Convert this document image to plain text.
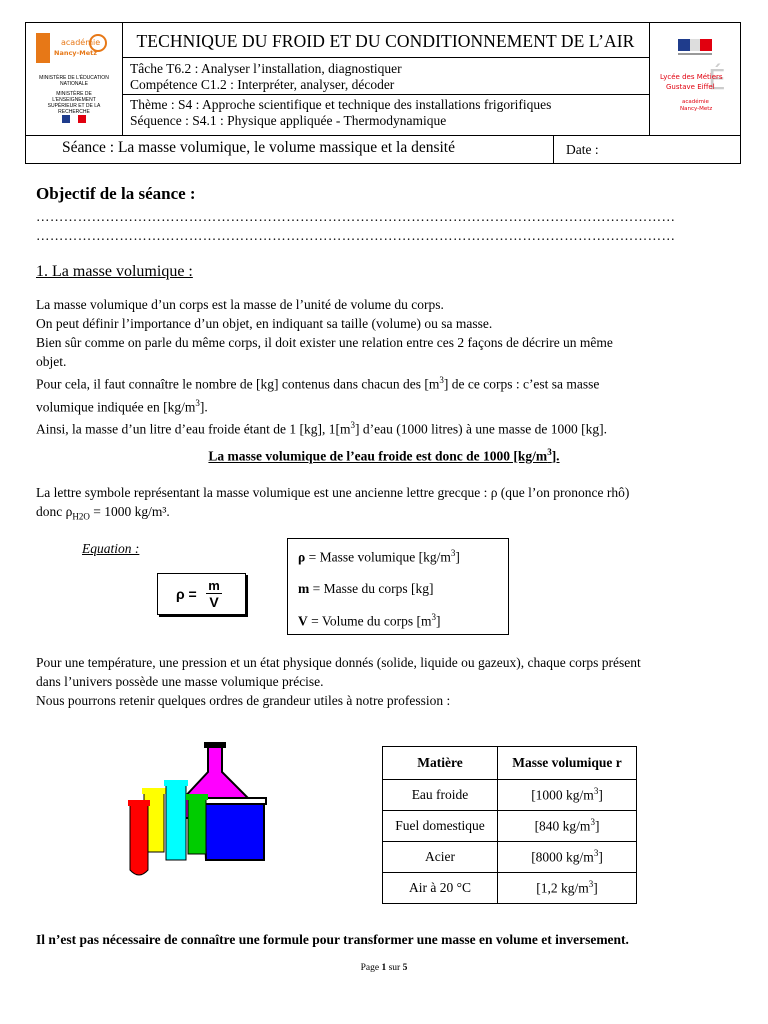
académie
Nancy-Metz
MINISTÈRE DE L’ÉDUCATION NATIONALE
MINISTÈRE DE L’ENSEIGNEMENT SUPÉRIEUR ET DE LA RECHERCHE
TECHNIQUE DU FROID ET DU CONDITIONNEMENT DE L’AIR
Tâche T6.2 : Analyser l’installation, diagnostiquer
Compétence C1.2 : Interpréter, analyser, décoder
Thème : S4 : Approche scientifique et technique des installations frigorifiques
Séquence : S4.1 : Physique appliquée - Thermodynamique
É
Lycée des Métiers
Gustave Eiffel
académie
Nancy-Metz
Séance : La masse volumique, le volume massique et la densité	Date :
Objectif de la séance :
…………………………………………………………………………………………………………………………
…………………………………………………………………………………………………………………………
1. La masse volumique :
La masse volumique d’un corps est la masse de l’unité de volume du corps.
On peut définir l’importance d’un objet, en indiquant sa taille (volume) ou sa masse.
Bien sûr comme on parle du même corps, il doit exister une relation entre ces 2 façons de décrire un même
objet.
Pour cela, il faut connaître le nombre de [kg] contenus dans chacun des $[m^3]$ de ce corps : c’est sa masse
volumique indiquée en $[kg/m^3]$.
Ainsi, la masse d’un litre d’eau froide étant de 1 [kg], $1[m^3]$ d’eau (1000 litres) à une masse de 1000 [kg].
La masse volumique de l’eau froide est donc de 1000 $[kg/m^3]$.
La lettre symbole représentant la masse volumique est une ancienne lettre grecque : ρ (que l’on prononce rhô)
donc $\rho_{H2O} = 1000$ kg/m³.
Equation :
ρ =
m
V
ρ = Masse volumique $[kg/m^3]$
m = Masse du corps [kg]
V = Volume du corps $[m^3]$
Pour une température, une pression et un état physique donnés (solide, liquide ou gazeux), chaque corps présent
dans l’univers possède une masse volumique précise.
Nous pourrons retenir quelques ordres de grandeur utiles à notre profession :
Matière	Masse volumique r
Eau froide	[1000 $kg/m^3$]
Fuel domestique	[840 $kg/m^3$]
Acier	[8000 $kg/m^3$]
Air à 20 °C	[1,2 $kg/m^3$]
Il n’est pas nécessaire de connaître une formule pour transformer une masse en volume et inversement.
Page 1 sur 5
